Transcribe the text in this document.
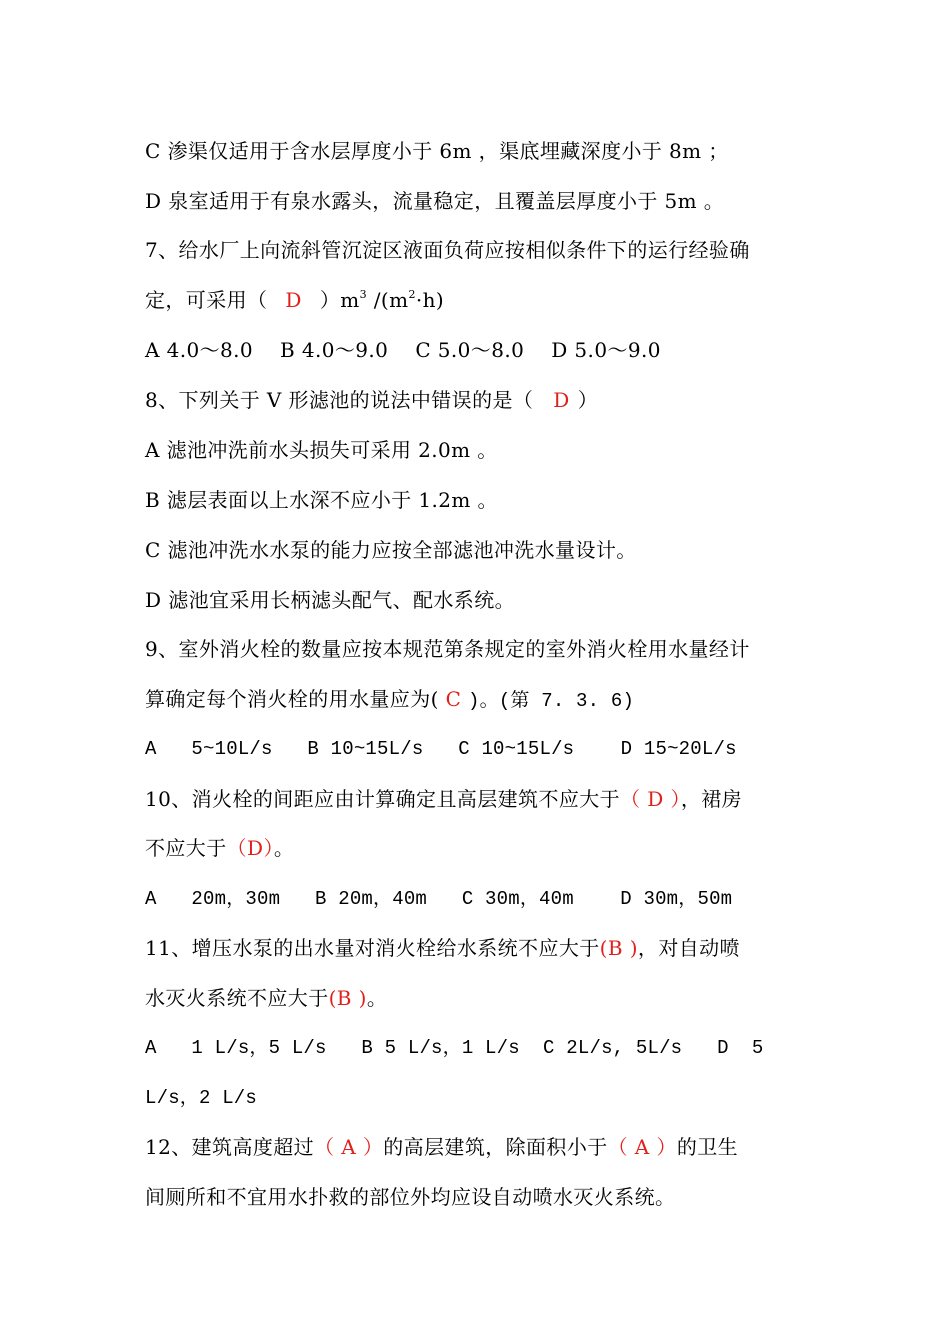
C 渗渠仅适用于含水层厚度小于 6m ，渠底埋藏深度小于 8m ；
D 泉室适用于有泉水露头，流量稳定，且覆盖层厚度小于 5m 。
7、给水厂上向流斜管沉淀区液面负荷应按相似条件下的运行经验确
定，可采用（ D ）$m^3$ $/(m^2\cdot h)$
A 4.0～8.0    B 4.0～9.0    C 5.0～8.0    D 5.0～9.0
8、下列关于 V 形滤池的说法中错误的是（ D ）
A 滤池冲洗前水头损失可采用 2.0m 。
B 滤层表面以上水深不应小于 1.2m 。
C 滤池冲洗水水泵的能力应按全部滤池冲洗水量设计。
D 滤池宜采用长柄滤头配气、配水系统。
9、室外消火栓的数量应按本规范第条规定的室外消火栓用水量经计
算确定每个消火栓的用水量应为( C )。(第 7. 3. 6)
A   5~10L/s   B 10~15L/s   C 10~15L/s    D 15~20L/s
10、消火栓的间距应由计算确定且高层建筑不应大于（ D ），裙房
不应大于（D）。
A   20m，30m   B 20m，40m   C 30m，40m    D 30m，50m
11、增压水泵的出水量对消火栓给水系统不应大于(B )，对自动喷
水灭火系统不应大于(B )。
A   1 L/s，5 L/s   B 5 L/s，1 L/s  C 2L/s, 5L/s   D  5
L/s，2 L/s
12、建筑高度超过（ A ）的高层建筑，除面积小于（ A ）的卫生
间厕所和不宜用水扑救的部位外均应设自动喷水灭火系统。
